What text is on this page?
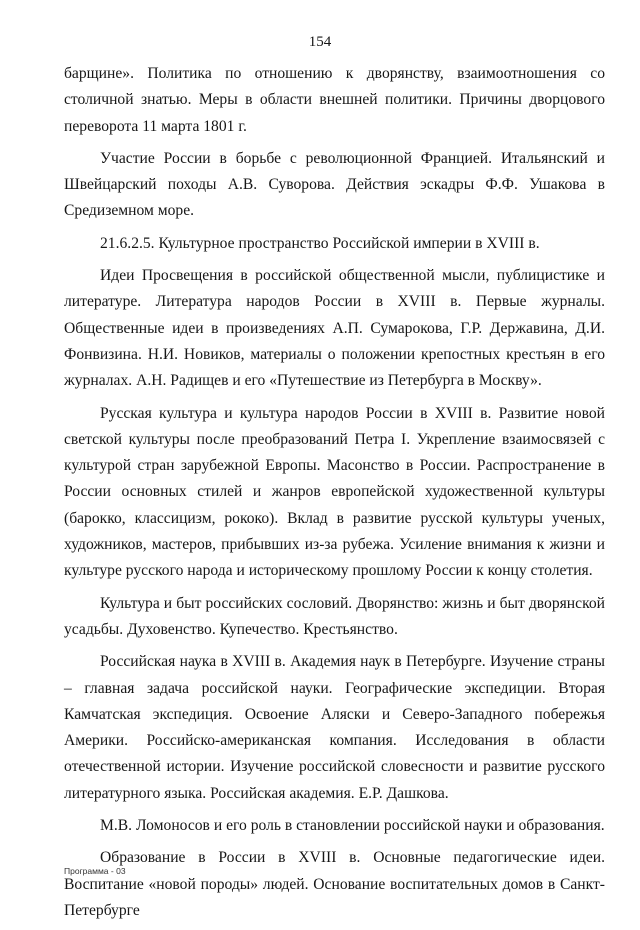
154

барщине». Политика по отношению к дворянству, взаимоотношения со столичной знатью. Меры в области внешней политики. Причины дворцового переворота 11 марта 1801 г.

Участие России в борьбе с революционной Францией. Итальянский и Швейцарский походы А.В. Суворова. Действия эскадры Ф.Ф. Ушакова в Средиземном море.

21.6.2.5. Культурное пространство Российской империи в XVIII в.

Идеи Просвещения в российской общественной мысли, публицистике и литературе. Литература народов России в XVIII в. Первые журналы. Общественные идеи в произведениях А.П. Сумарокова, Г.Р. Державина, Д.И. Фонвизина. Н.И. Новиков, материалы о положении крепостных крестьян в его журналах. А.Н. Радищев и его «Путешествие из Петербурга в Москву».

Русская культура и культура народов России в XVIII в. Развитие новой светской культуры после преобразований Петра I. Укрепление взаимосвязей с культурой стран зарубежной Европы. Масонство в России. Распространение в России основных стилей и жанров европейской художественной культуры (барокко, классицизм, рококо). Вклад в развитие русской культуры ученых, художников, мастеров, прибывших из-за рубежа. Усиление внимания к жизни и культуре русского народа и историческому прошлому России к концу столетия.

Культура и быт российских сословий. Дворянство: жизнь и быт дворянской усадьбы. Духовенство. Купечество. Крестьянство.

Российская наука в XVIII в. Академия наук в Петербурге. Изучение страны – главная задача российской науки. Географические экспедиции. Вторая Камчатская экспедиция. Освоение Аляски и Северо-Западного побережья Америки. Российско-американская компания. Исследования в области отечественной истории. Изучение российской словесности и развитие русского литературного языка. Российская академия. Е.Р. Дашкова.

М.В. Ломоносов и его роль в становлении российской науки и образования.

Образование в России в XVIII в. Основные педагогические идеи. Воспитание «новой породы» людей. Основание воспитательных домов в Санкт-Петербурге

Программа - 03
